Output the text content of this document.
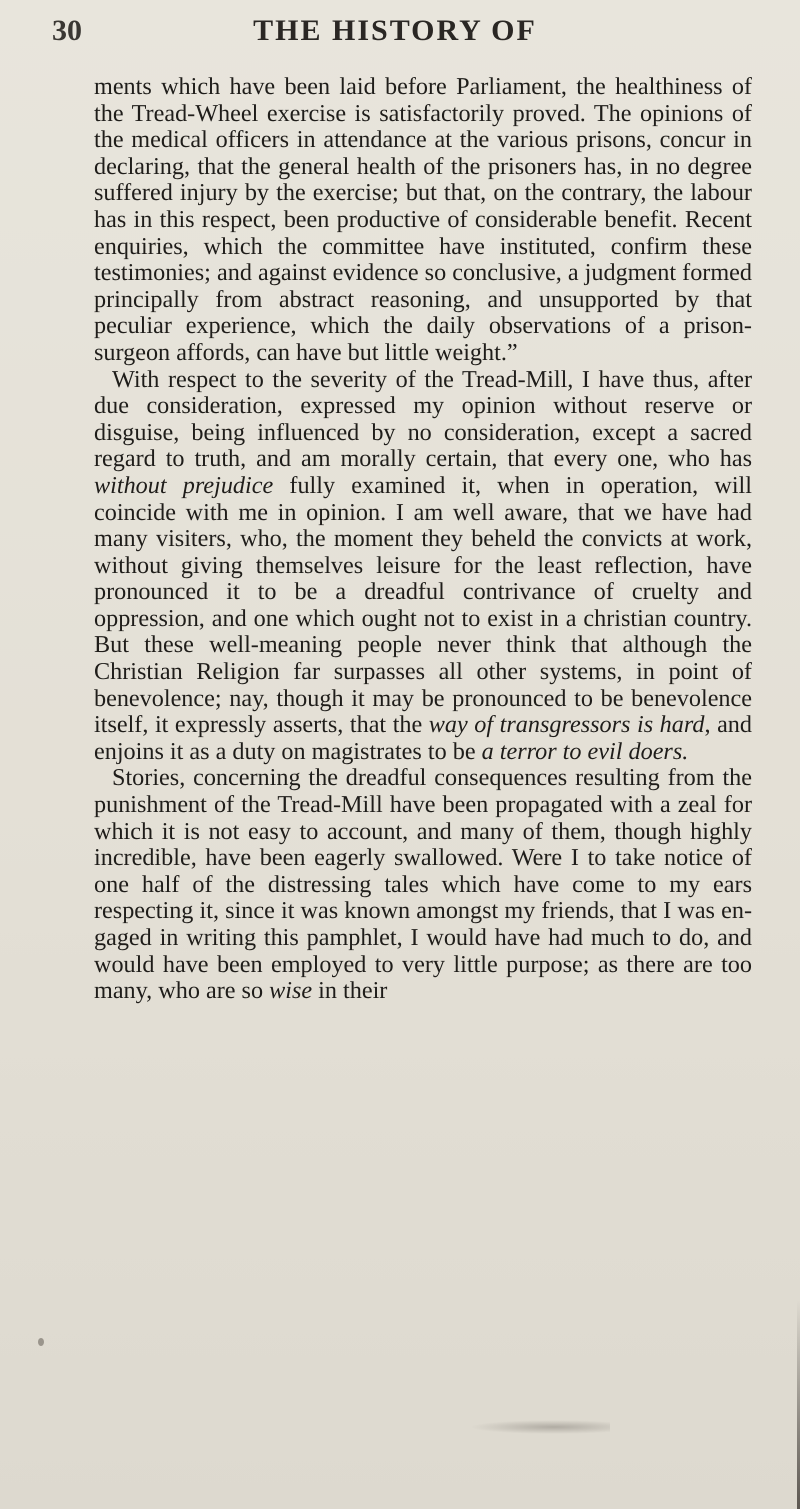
30	THE HISTORY OF

ments which have been laid before Parliament, the healthiness of the Tread-Wheel exercise is satisfactorily proved. The opinions of the medical officers in attendance at the various prisons, concur in declaring, that the general health of the prisoners has, in no degree suffered injury by the exercise; but that, on the contrary, the labour has in this respect, been productive of considerable benefit. Recent enquiries, which the committee have instituted, confirm these testimonies; and against evidence so conclusive, a judgment formed principally from abstract reasoning, and unsupported by that peculiar experience, which the daily observations of a prison-surgeon affords, can have but little weight.”

With respect to the severity of the Tread-Mill, I have thus, after due consideration, expressed my opinion without reserve or disguise, being influenced by no consideration, except a sacred regard to truth, and am morally certain, that every one, who has without prejudice fully examined it, when in operation, will coincide with me in opinion. I am well aware, that we have had many visiters, who, the moment they beheld the convicts at work, without giving themselves leisure for the least reflection, have pronounced it to be a dreadful contrivance of cruelty and oppression, and one which ought not to exist in a christian country. But these well-meaning people never think that although the Christian Religion far surpasses all other systems, in point of benevolence; nay, though it may be pronounced to be benevolence itself, it expressly asserts, that the way of transgressors is hard, and enjoins it as a duty on magistrates to be a terror to evil doers.

Stories, concerning the dreadful consequences resulting from the punishment of the Tread-Mill have been propagated with a zeal for which it is not easy to account, and many of them, though highly incredible, have been eagerly swallowed. Were I to take notice of one half of the distressing tales which have come to my ears respecting it, since it was known amongst my friends, that I was engaged in writing this pamphlet, I would have had much to do, and would have been employed to very little purpose; as there are too many, who are so wise in their
